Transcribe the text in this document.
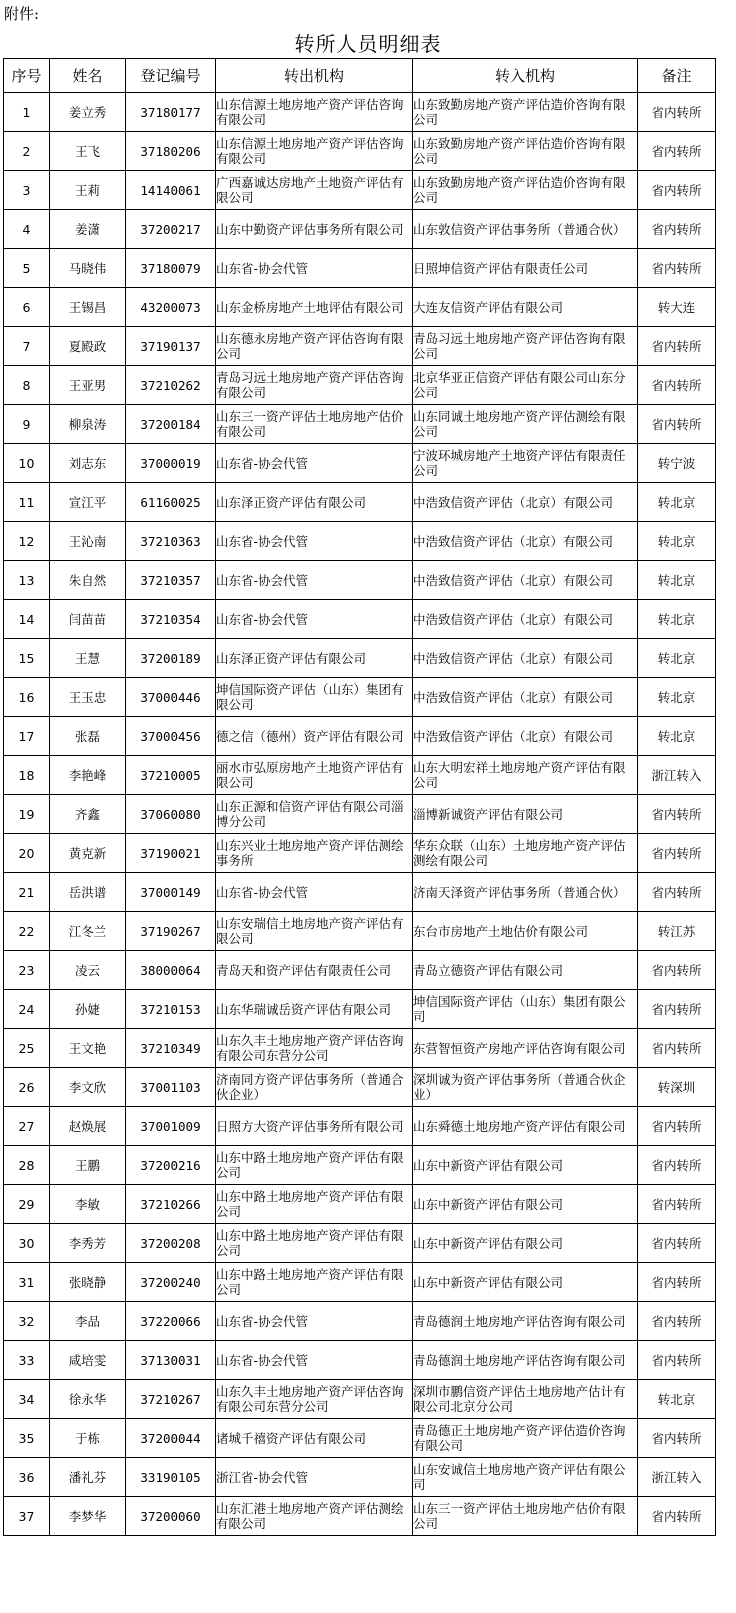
附件:
转所人员明细表
序号	姓名	登记编号	转出机构	转入机构	备注
1	姜立秀	37180177	山东信源土地房地产资产评估咨询有限公司	山东致勤房地产资产评估造价咨询有限公司	省内转所
2	王飞	37180206	山东信源土地房地产资产评估咨询有限公司	山东致勤房地产资产评估造价咨询有限公司	省内转所
3	王莉	14140061	广西嘉诚达房地产土地资产评估有限公司	山东致勤房地产资产评估造价咨询有限公司	省内转所
4	姜潇	37200217	山东中勤资产评估事务所有限公司	山东敦信资产评估事务所（普通合伙）	省内转所
5	马晓伟	37180079	山东省-协会代管	日照坤信资产评估有限责任公司	省内转所
6	王锡昌	43200073	山东金桥房地产土地评估有限公司	大连友信资产评估有限公司	转大连
7	夏殿政	37190137	山东德永房地产资产评估咨询有限公司	青岛习远土地房地产资产评估咨询有限公司	省内转所
8	王亚男	37210262	青岛习远土地房地产资产评估咨询有限公司	北京华亚正信资产评估有限公司山东分公司	省内转所
9	柳泉涛	37200184	山东三一资产评估土地房地产估价有限公司	山东同诚土地房地产资产评估测绘有限公司	省内转所
10	刘志东	37000019	山东省-协会代管	宁波环城房地产土地资产评估有限责任公司	转宁波
11	宣江平	61160025	山东泽正资产评估有限公司	中浩致信资产评估（北京）有限公司	转北京
12	王沁南	37210363	山东省-协会代管	中浩致信资产评估（北京）有限公司	转北京
13	朱自然	37210357	山东省-协会代管	中浩致信资产评估（北京）有限公司	转北京
14	闫苗苗	37210354	山东省-协会代管	中浩致信资产评估（北京）有限公司	转北京
15	王慧	37200189	山东泽正资产评估有限公司	中浩致信资产评估（北京）有限公司	转北京
16	王玉忠	37000446	坤信国际资产评估（山东）集团有限公司	中浩致信资产评估（北京）有限公司	转北京
17	张磊	37000456	德之信（德州）资产评估有限公司	中浩致信资产评估（北京）有限公司	转北京
18	李艳峰	37210005	丽水市弘原房地产土地资产评估有限公司	山东大明宏祥土地房地产资产评估有限公司	浙江转入
19	齐鑫	37060080	山东正源和信资产评估有限公司淄博分公司	淄博新诚资产评估有限公司	省内转所
20	黄克新	37190021	山东兴业土地房地产资产评估测绘事务所	华东众联（山东）土地房地产资产评估测绘有限公司	省内转所
21	岳洪谱	37000149	山东省-协会代管	济南天泽资产评估事务所（普通合伙）	省内转所
22	江冬兰	37190267	山东安瑞信土地房地产资产评估有限公司	东台市房地产土地估价有限公司	转江苏
23	凌云	38000064	青岛天和资产评估有限责任公司	青岛立德资产评估有限公司	省内转所
24	孙婕	37210153	山东华瑞诚岳资产评估有限公司	坤信国际资产评估（山东）集团有限公司	省内转所
25	王文艳	37210349	山东久丰土地房地产资产评估咨询有限公司东营分公司	东营智恒资产房地产评估咨询有限公司	省内转所
26	李文欣	37001103	济南同方资产评估事务所（普通合伙企业）	深圳诚为资产评估事务所（普通合伙企业）	转深圳
27	赵焕展	37001009	日照方大资产评估事务所有限公司	山东舜德土地房地产资产评估有限公司	省内转所
28	王鹏	37200216	山东中路土地房地产资产评估有限公司	山东中新资产评估有限公司	省内转所
29	李敏	37210266	山东中路土地房地产资产评估有限公司	山东中新资产评估有限公司	省内转所
30	李秀芳	37200208	山东中路土地房地产资产评估有限公司	山东中新资产评估有限公司	省内转所
31	张晓静	37200240	山东中路土地房地产资产评估有限公司	山东中新资产评估有限公司	省内转所
32	李品	37220066	山东省-协会代管	青岛德润土地房地产评估咨询有限公司	省内转所
33	咸培雯	37130031	山东省-协会代管	青岛德润土地房地产评估咨询有限公司	省内转所
34	徐永华	37210267	山东久丰土地房地产资产评估咨询有限公司东营分公司	深圳市鹏信资产评估土地房地产估计有限公司北京分公司	转北京
35	于栋	37200044	诸城千禧资产评估有限公司	青岛德正土地房地产资产评估造价咨询有限公司	省内转所
36	潘礼芬	33190105	浙江省-协会代管	山东安诚信土地房地产资产评估有限公司	浙江转入
37	李梦华	37200060	山东汇港土地房地产资产评估测绘有限公司	山东三一资产评估土地房地产估价有限公司	省内转所
